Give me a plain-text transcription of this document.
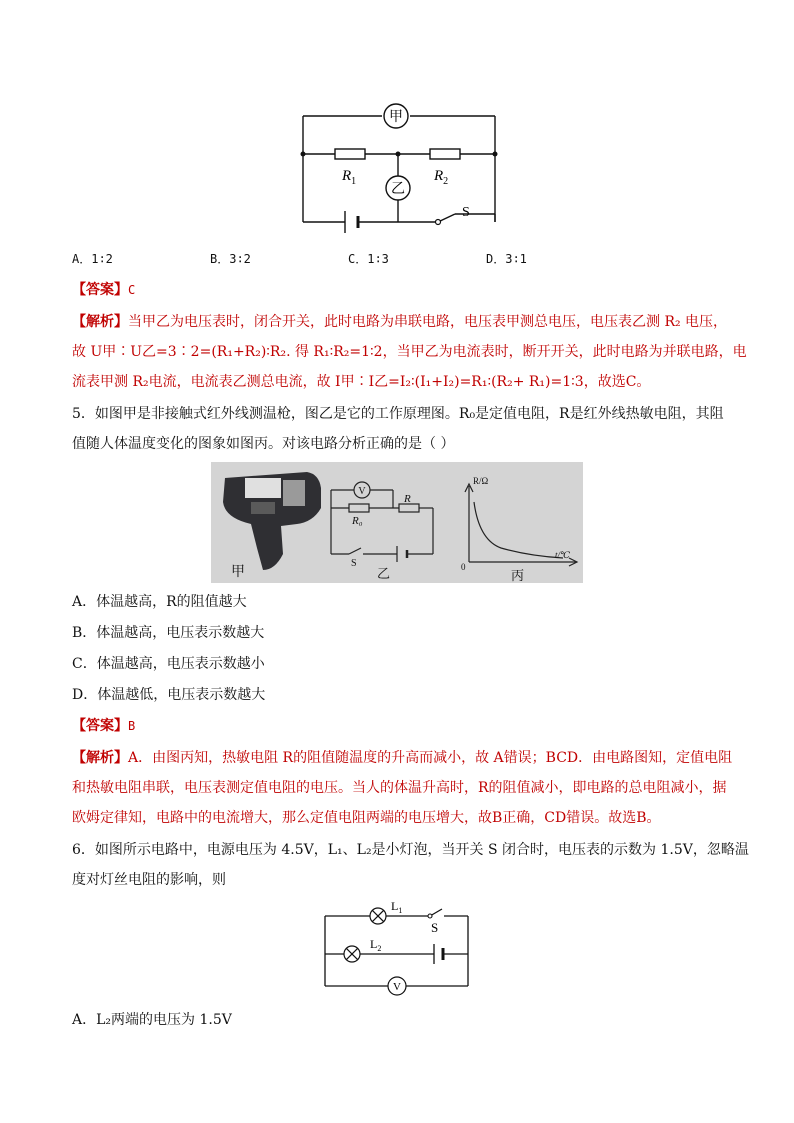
甲
乙
$R_1$	$R_2$
S
A．1∶2	B．3∶2	C．1∶3	D．3∶1
【答案】C
【解析】当甲乙为电压表时，闭合开关，此时电路为串联电路，电压表甲测总电压，电压表乙测 R₂ 电压，
故 U甲∶U乙=3∶2=(R₁+R₂)∶R₂. 得 R₁∶R₂=1∶2，当甲乙为电流表时，断开开关，此时电路为并联电路，电
流表甲测 R₂电流，电流表乙测总电流，故 I甲∶I乙=I₂∶(I₁+I₂)=R₁∶(R₂+ R₁)=1∶3，故选C。
5．如图甲是非接触式红外线测温枪，图乙是它的工作原理图。R₀是定值电阻，R是红外线热敏电阻，其阻
值随人体温度变化的图象如图丙。对该电路分析正确的是（ ）
甲
V
R₀
R
S
乙
R/Ω
t/℃
0
丙
A．体温越高，R的阻值越大
B．体温越高，电压表示数越大
C．体温越高，电压表示数越小
D．体温越低，电压表示数越大
【答案】B
【解析】A．由图丙知，热敏电阻 R的阻值随温度的升高而减小，故 A错误；BCD．由电路图知，定值电阻
和热敏电阻串联，电压表测定值电阻的电压。当人的体温升高时，R的阻值减小，即电路的总电阻减小，据
欧姆定律知，电路中的电流增大，那么定值电阻两端的电压增大，故B正确，CD错误。故选B。
6．如图所示电路中，电源电压为 4.5V，L₁、L₂是小灯泡，当开关 S 闭合时，电压表的示数为 1.5V，忽略温
度对灯丝电阻的影响，则
V
$L_1$
$L_2$
S
A．L₂两端的电压为 1.5V
